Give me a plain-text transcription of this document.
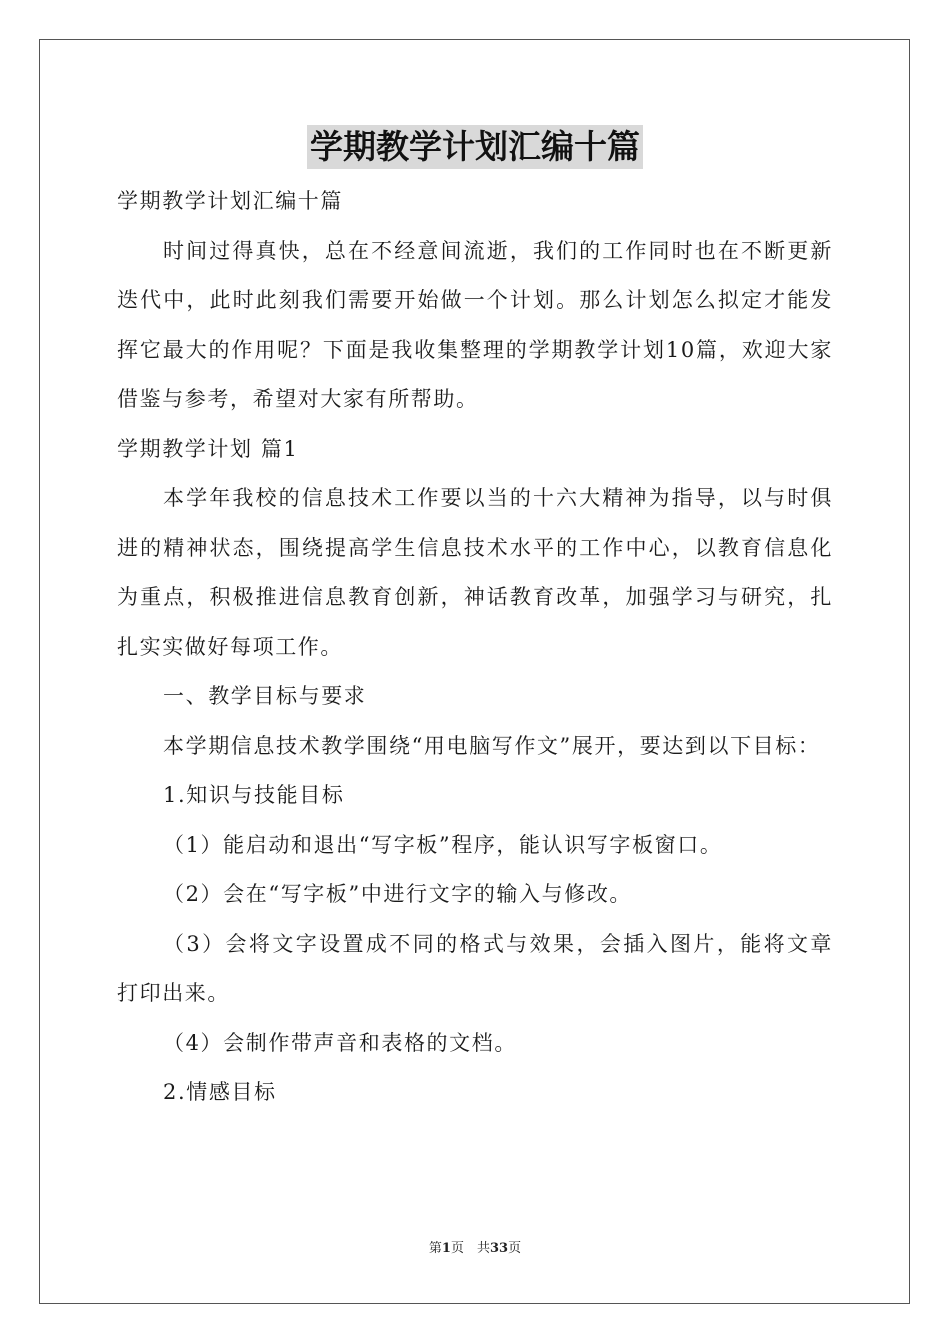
学期教学计划汇编十篇

学期教学计划汇编十篇

时间过得真快，总在不经意间流逝，我们的工作同时也在不断更新迭代中，此时此刻我们需要开始做一个计划。那么计划怎么拟定才能发挥它最大的作用呢？下面是我收集整理的学期教学计划10篇，欢迎大家借鉴与参考，希望对大家有所帮助。

学期教学计划 篇1

本学年我校的信息技术工作要以当的十六大精神为指导，以与时俱进的精神状态，围绕提高学生信息技术水平的工作中心，以教育信息化为重点，积极推进信息教育创新，神话教育改革，加强学习与研究，扎扎实实做好每项工作。

一、教学目标与要求

本学期信息技术教学围绕“用电脑写作文”展开，要达到以下目标：

1.知识与技能目标

（1）能启动和退出“写字板”程序，能认识写字板窗口。

（2）会在“写字板”中进行文字的输入与修改。

（3）会将文字设置成不同的格式与效果，会插入图片，能将文章打印出来。

（4）会制作带声音和表格的文档。

2.情感目标

第1页　共33页
